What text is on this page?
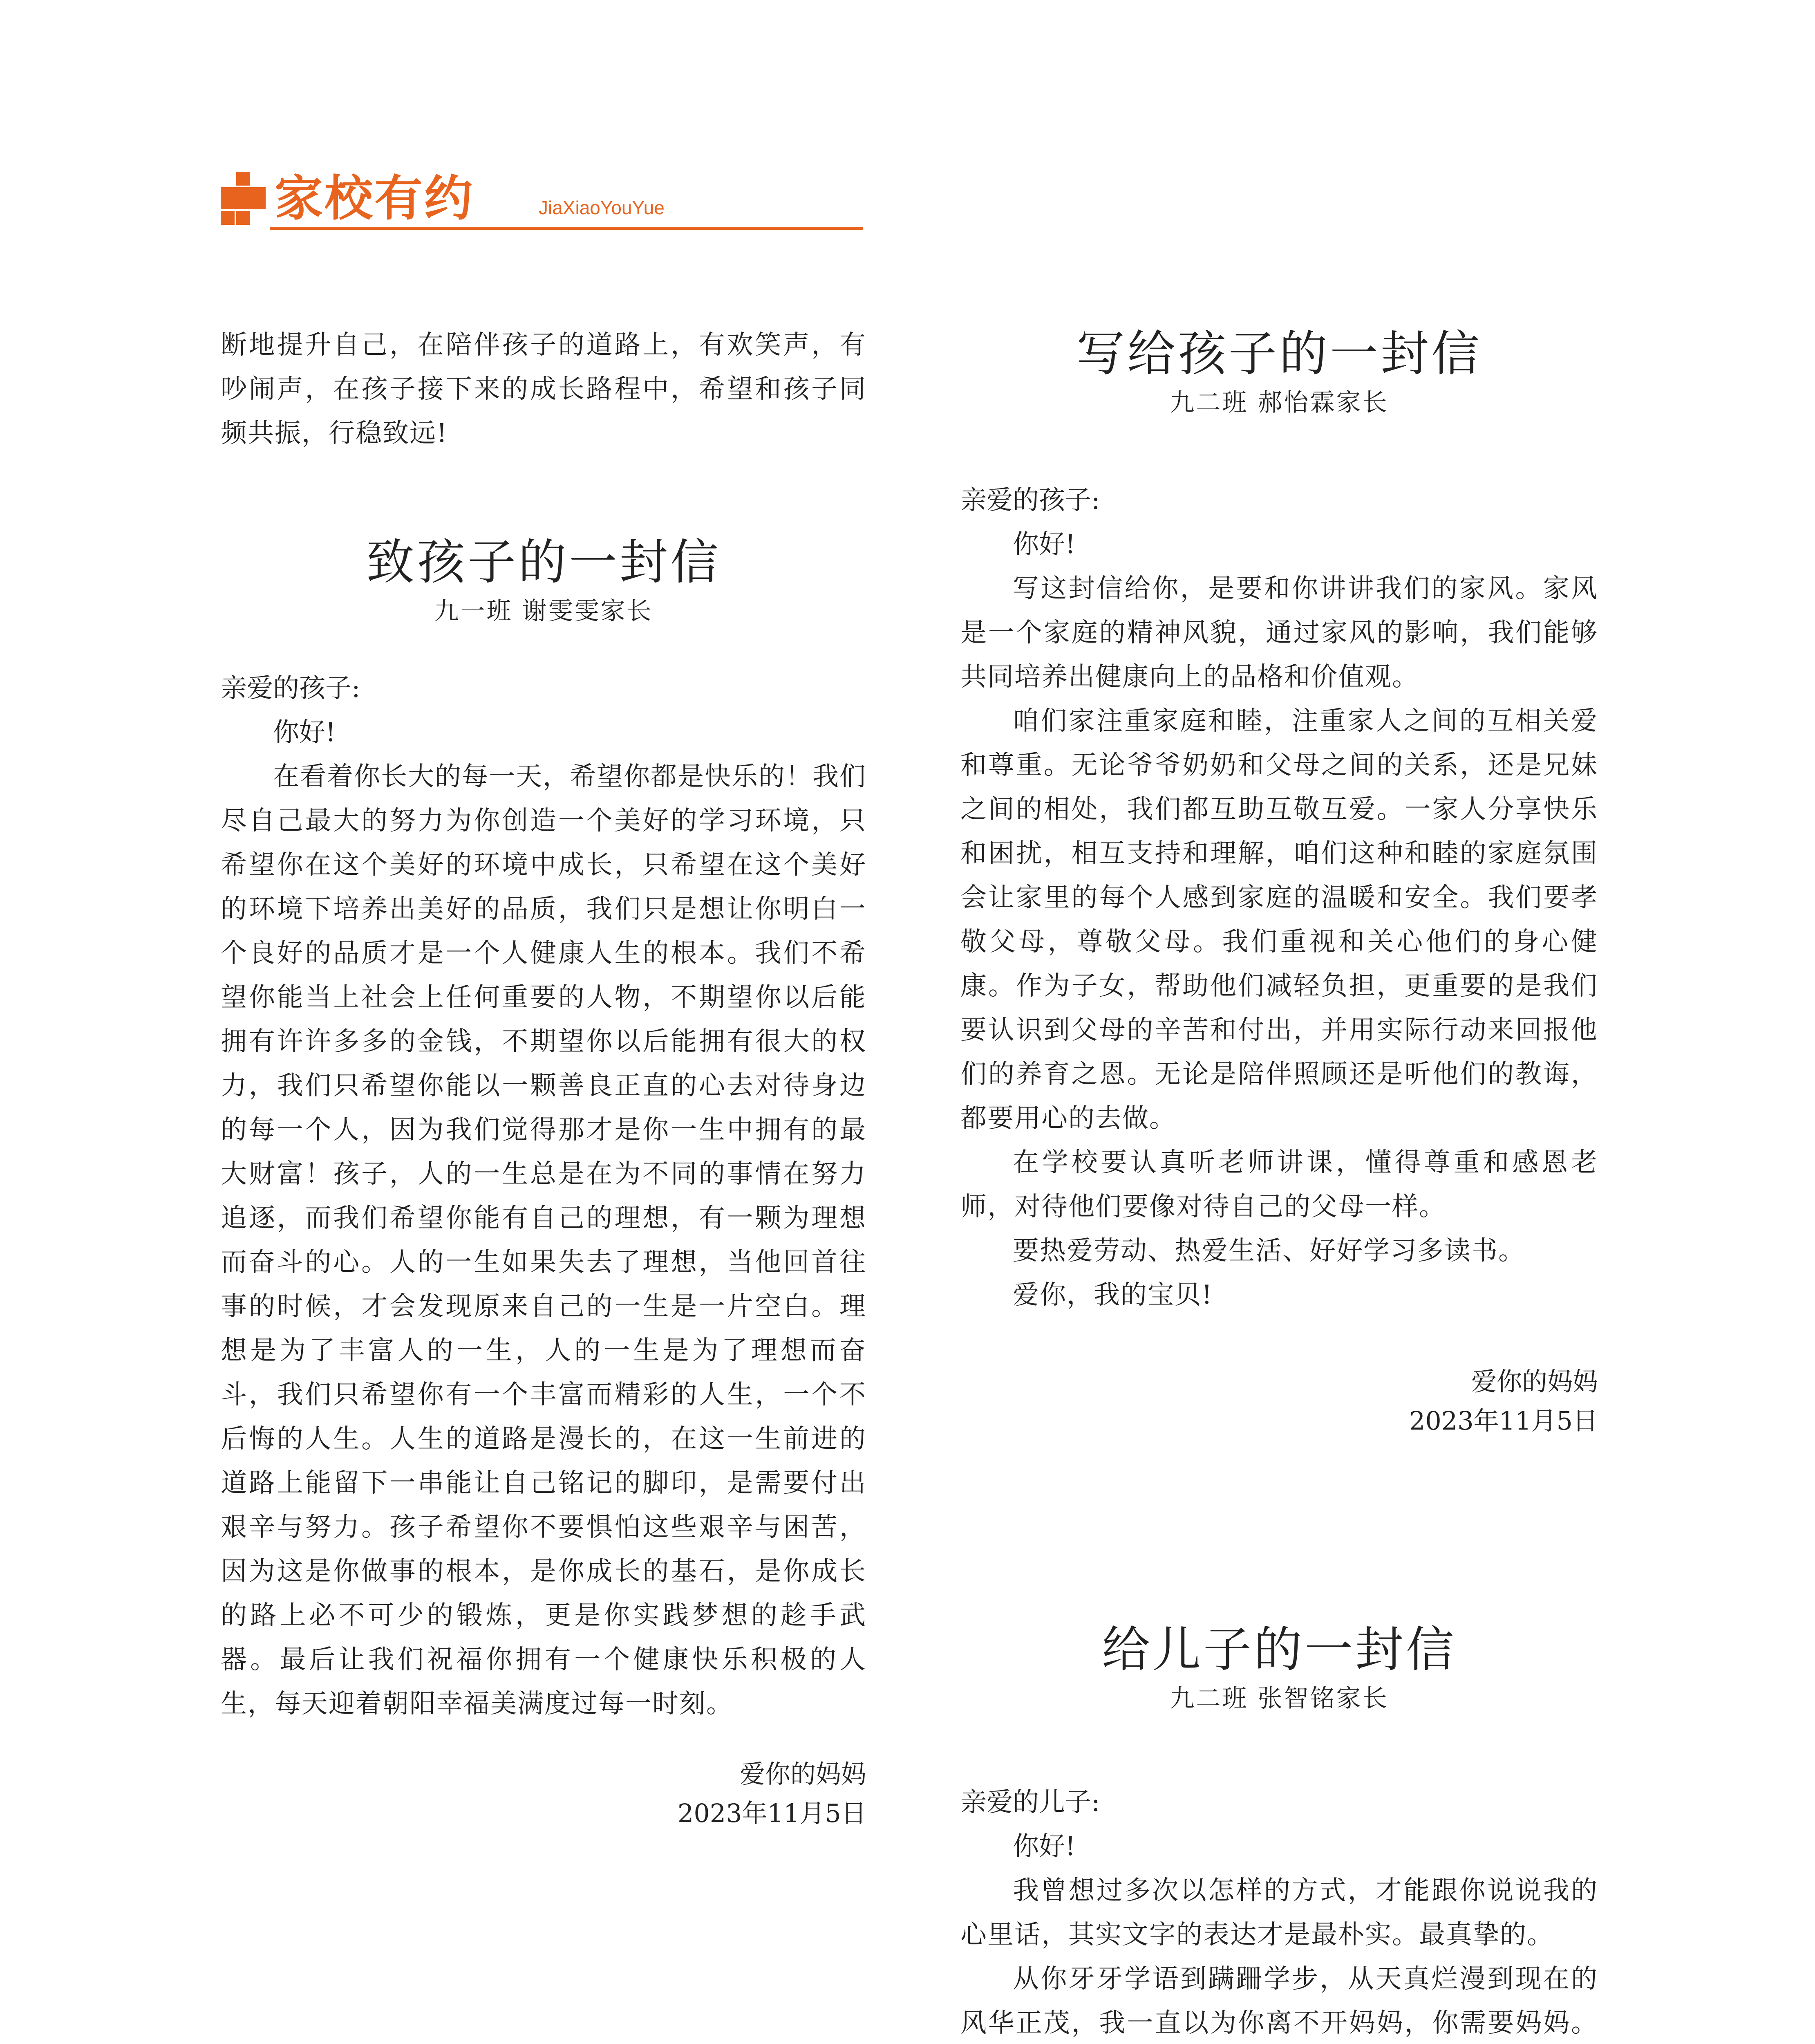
家校有约	JiaXiaoYouYue

断地提升自己，在陪伴孩子的道路上，有欢笑声，有吵闹声，在孩子接下来的成长路程中，希望和孩子同频共振，行稳致远!

致孩子的一封信

九一班 谢雯雯家长

亲爱的孩子:

你好!

在看着你长大的每一天，希望你都是快乐的！我们尽自己最大的努力为你创造一个美好的学习环境，只希望你在这个美好的环境中成长，只希望在这个美好的环境下培养出美好的品质，我们只是想让你明白一个良好的品质才是一个人健康人生的根本。我们不希望你能当上社会上任何重要的人物，不期望你以后能拥有许许多多的金钱，不期望你以后能拥有很大的权力，我们只希望你能以一颗善良正直的心去对待身边的每一个人，因为我们觉得那才是你一生中拥有的最大财富！孩子，人的一生总是在为不同的事情在努力追逐，而我们希望你能有自己的理想，有一颗为理想而奋斗的心。人的一生如果失去了理想，当他回首往事的时候，才会发现原来自己的一生是一片空白。理想是为了丰富人的一生，人的一生是为了理想而奋斗，我们只希望你有一个丰富而精彩的人生，一个不后悔的人生。人生的道路是漫长的，在这一生前进的道路上能留下一串能让自己铭记的脚印，是需要付出艰辛与努力。孩子希望你不要惧怕这些艰辛与困苦，因为这是你做事的根本，是你成长的基石，是你成长的路上必不可少的锻炼，更是你实践梦想的趁手武器。最后让我们祝福你拥有一个健康快乐积极的人生，每天迎着朝阳幸福美满度过每一时刻。

爱你的妈妈

2023年11月5日

写给孩子的一封信

九二班 郝怡霖家长

亲爱的孩子:

你好!

写这封信给你，是要和你讲讲我们的家风。家风是一个家庭的精神风貌，通过家风的影响，我们能够共同培养出健康向上的品格和价值观。

咱们家注重家庭和睦，注重家人之间的互相关爱和尊重。无论爷爷奶奶和父母之间的关系，还是兄妹之间的相处，我们都互助互敬互爱。一家人分享快乐和困扰，相互支持和理解，咱们这种和睦的家庭氛围会让家里的每个人感到家庭的温暖和安全。我们要孝敬父母，尊敬父母。我们重视和关心他们的身心健康。作为子女，帮助他们减轻负担，更重要的是我们要认识到父母的辛苦和付出，并用实际行动来回报他们的养育之恩。无论是陪伴照顾还是听他们的教诲，都要用心的去做。

在学校要认真听老师讲课，懂得尊重和感恩老师，对待他们要像对待自己的父母一样。

要热爱劳动、热爱生活、好好学习多读书。

爱你，我的宝贝!

爱你的妈妈

2023年11月5日

给儿子的一封信

九二班 张智铭家长

亲爱的儿子:

你好!

我曾想过多次以怎样的方式，才能跟你说说我的心里话，其实文字的表达才是最朴实。最真挚的。

从你牙牙学语到蹒跚学步，从天真烂漫到现在的风华正茂，我一直以为你离不开妈妈，你需要妈妈。
